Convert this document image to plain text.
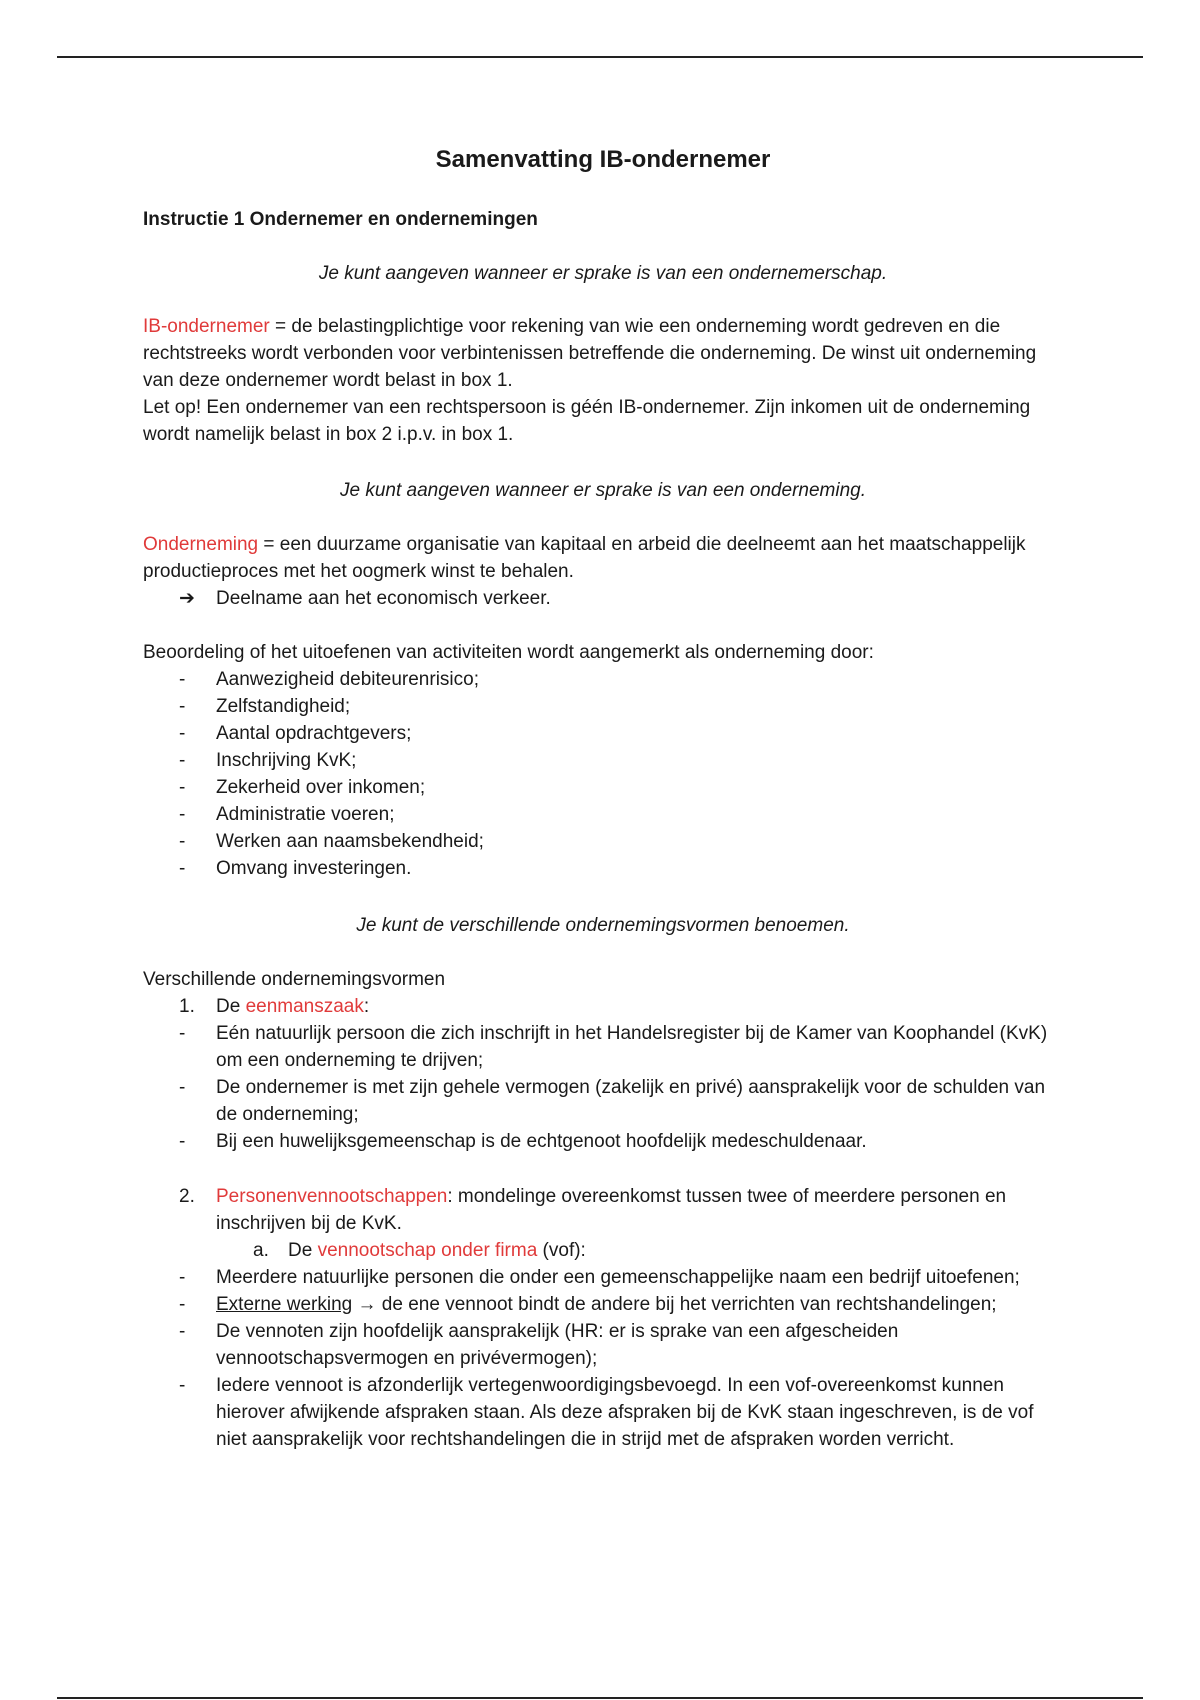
Samenvatting IB-ondernemer
Instructie 1 Ondernemer en ondernemingen
Je kunt aangeven wanneer er sprake is van een ondernemerschap.
IB-ondernemer = de belastingplichtige voor rekening van wie een onderneming wordt gedreven en die rechtstreeks wordt verbonden voor verbintenissen betreffende die onderneming. De winst uit onderneming van deze ondernemer wordt belast in box 1.
Let op! Een ondernemer van een rechtspersoon is géén IB-ondernemer. Zijn inkomen uit de onderneming wordt namelijk belast in box 2 i.p.v. in box 1.
Je kunt aangeven wanneer er sprake is van een onderneming.
Onderneming = een duurzame organisatie van kapitaal en arbeid die deelneemt aan het maatschappelijk productieproces met het oogmerk winst te behalen.
➔ Deelname aan het economisch verkeer.
Beoordeling of het uitoefenen van activiteiten wordt aangemerkt als onderneming door:
- Aanwezigheid debiteurenrisico;
- Zelfstandigheid;
- Aantal opdrachtgevers;
- Inschrijving KvK;
- Zekerheid over inkomen;
- Administratie voeren;
- Werken aan naamsbekendheid;
- Omvang investeringen.
Je kunt de verschillende ondernemingsvormen benoemen.
Verschillende ondernemingsvormen
1. De eenmanszaak:
- Eén natuurlijk persoon die zich inschrijft in het Handelsregister bij de Kamer van Koophandel (KvK) om een onderneming te drijven;
- De ondernemer is met zijn gehele vermogen (zakelijk en privé) aansprakelijk voor de schulden van de onderneming;
- Bij een huwelijksgemeenschap is de echtgenoot hoofdelijk medeschuldenaar.
2. Personenvennootschappen: mondelinge overeenkomst tussen twee of meerdere personen en inschrijven bij de KvK.
a. De vennootschap onder firma (vof):
- Meerdere natuurlijke personen die onder een gemeenschappelijke naam een bedrijf uitoefenen;
- Externe werking → de ene vennoot bindt de andere bij het verrichten van rechtshandelingen;
- De vennoten zijn hoofdelijk aansprakelijk (HR: er is sprake van een afgescheiden vennootschapsvermogen en privévermogen);
- Iedere vennoot is afzonderlijk vertegenwoordigingsbevoegd. In een vof-overeenkomst kunnen hierover afwijkende afspraken staan. Als deze afspraken bij de KvK staan ingeschreven, is de vof niet aansprakelijk voor rechtshandelingen die in strijd met de afspraken worden verricht.
